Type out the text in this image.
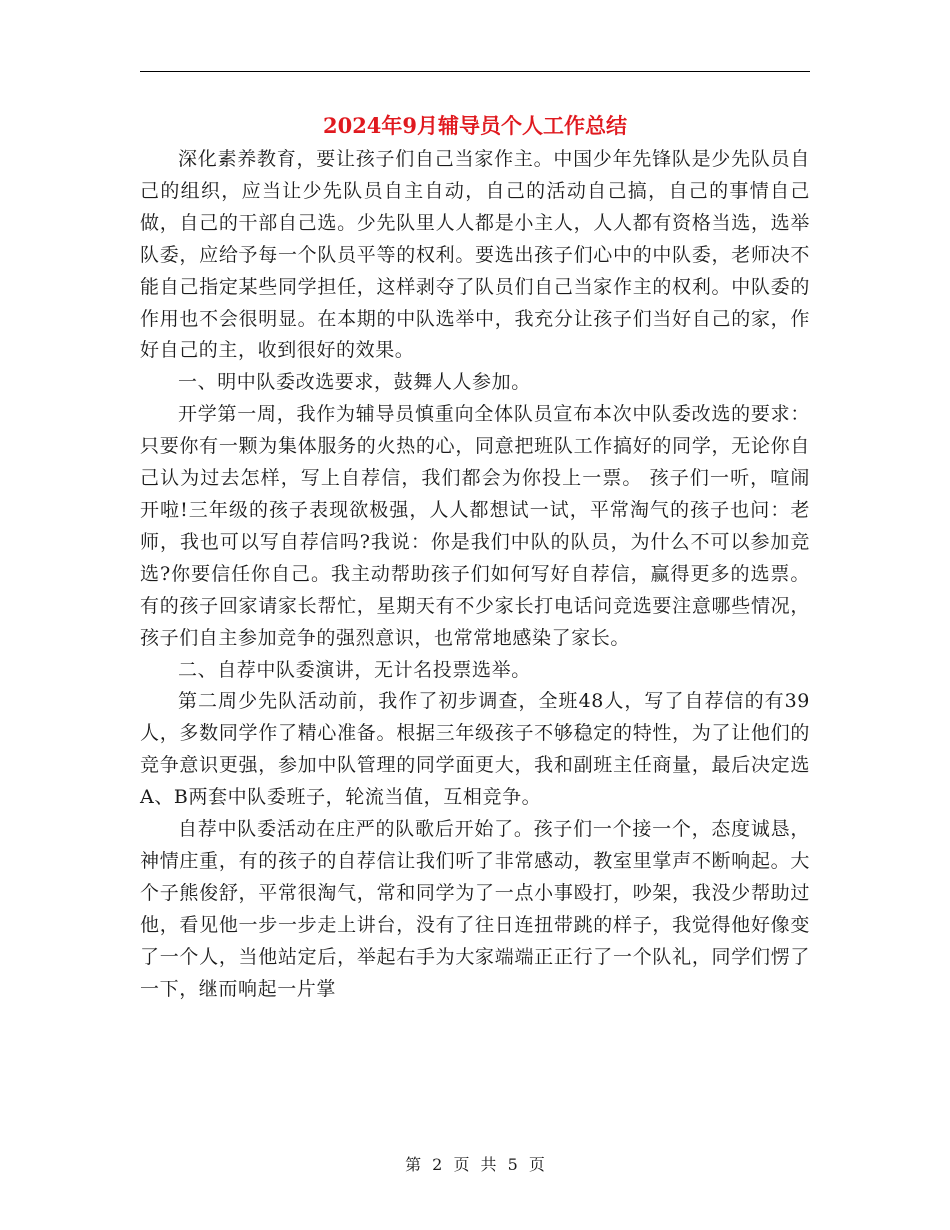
2024年9月辅导员个人工作总结

深化素养教育，要让孩子们自己当家作主。中国少年先锋队是少先队员自己的组织，应当让少先队员自主自动，自己的活动自己搞，自己的事情自己做，自己的干部自己选。少先队里人人都是小主人，人人都有资格当选，选举队委，应给予每一个队员平等的权利。要选出孩子们心中的中队委，老师决不能自己指定某些同学担任，这样剥夺了队员们自己当家作主的权利。中队委的作用也不会很明显。在本期的中队选举中，我充分让孩子们当好自己的家，作好自己的主，收到很好的效果。

一、明中队委改选要求，鼓舞人人参加。

开学第一周，我作为辅导员慎重向全体队员宣布本次中队委改选的要求：只要你有一颗为集体服务的火热的心，同意把班队工作搞好的同学，无论你自己认为过去怎样，写上自荐信，我们都会为你投上一票。 孩子们一听，喧闹开啦!三年级的孩子表现欲极强，人人都想试一试，平常淘气的孩子也问：老师，我也可以写自荐信吗?我说：你是我们中队的队员，为什么不可以参加竞选?你要信任你自己。我主动帮助孩子们如何写好自荐信，赢得更多的选票。有的孩子回家请家长帮忙，星期天有不少家长打电话问竞选要注意哪些情况，孩子们自主参加竞争的强烈意识，也常常地感染了家长。

二、自荐中队委演讲，无计名投票选举。

第二周少先队活动前，我作了初步调查，全班48人，写了自荐信的有39人，多数同学作了精心准备。根据三年级孩子不够稳定的特性，为了让他们的竞争意识更强，参加中队管理的同学面更大，我和副班主任商量，最后决定选A、B两套中队委班子，轮流当值，互相竞争。

自荐中队委活动在庄严的队歌后开始了。孩子们一个接一个，态度诚恳，神情庄重，有的孩子的自荐信让我们听了非常感动，教室里掌声不断响起。大个子熊俊舒，平常很淘气，常和同学为了一点小事殴打，吵架，我没少帮助过他，看见他一步一步走上讲台，没有了往日连扭带跳的样子，我觉得他好像变了一个人，当他站定后，举起右手为大家端端正正行了一个队礼，同学们愣了一下，继而响起一片掌

第 2 页 共 5 页
